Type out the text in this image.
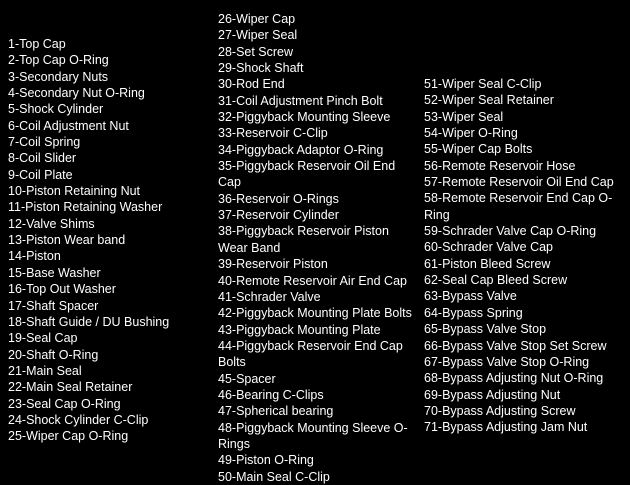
1-Top Cap
2-Top Cap O-Ring
3-Secondary Nuts
4-Secondary Nut O-Ring
5-Shock Cylinder
6-Coil Adjustment Nut
7-Coil Spring
8-Coil Slider
9-Coil Plate
10-Piston Retaining Nut
11-Piston Retaining Washer
12-Valve Shims
13-Piston Wear band
14-Piston
15-Base Washer
16-Top Out Washer
17-Shaft Spacer
18-Shaft Guide / DU Bushing
19-Seal Cap
20-Shaft O-Ring
21-Main Seal
22-Main Seal Retainer
23-Seal Cap O-Ring
24-Shock Cylinder C-Clip
25-Wiper Cap O-Ring
26-Wiper Cap
27-Wiper Seal
28-Set Screw
29-Shock Shaft
30-Rod End
31-Coil Adjustment Pinch Bolt
32-Piggyback Mounting Sleeve
33-Reservoir C-Clip
34-Piggyback Adaptor O-Ring
35-Piggyback Reservoir Oil End Cap
36-Reservoir O-Rings
37-Reservoir Cylinder
38-Piggyback Reservoir Piston Wear Band
39-Reservoir Piston
40-Remote Reservoir Air End Cap
41-Schrader Valve
42-Piggyback Mounting Plate Bolts
43-Piggyback Mounting Plate
44-Piggyback Reservoir End Cap Bolts
45-Spacer
46-Bearing C-Clips
47-Spherical bearing
48-Piggyback Mounting Sleeve O-Rings
49-Piston O-Ring
50-Main Seal C-Clip
51-Wiper Seal C-Clip
52-Wiper Seal Retainer
53-Wiper Seal
54-Wiper O-Ring
55-Wiper Cap Bolts
56-Remote Reservoir Hose
57-Remote Reservoir Oil End Cap
58-Remote Reservoir End Cap O-Ring
59-Schrader Valve Cap O-Ring
60-Schrader Valve Cap
61-Piston Bleed Screw
62-Seal Cap Bleed Screw
63-Bypass Valve
64-Bypass Spring
65-Bypass Valve Stop
66-Bypass Valve Stop Set Screw
67-Bypass Valve Stop O-Ring
68-Bypass Adjusting Nut O-Ring
69-Bypass Adjusting Nut
70-Bypass Adjusting Screw
71-Bypass Adjusting Jam Nut
